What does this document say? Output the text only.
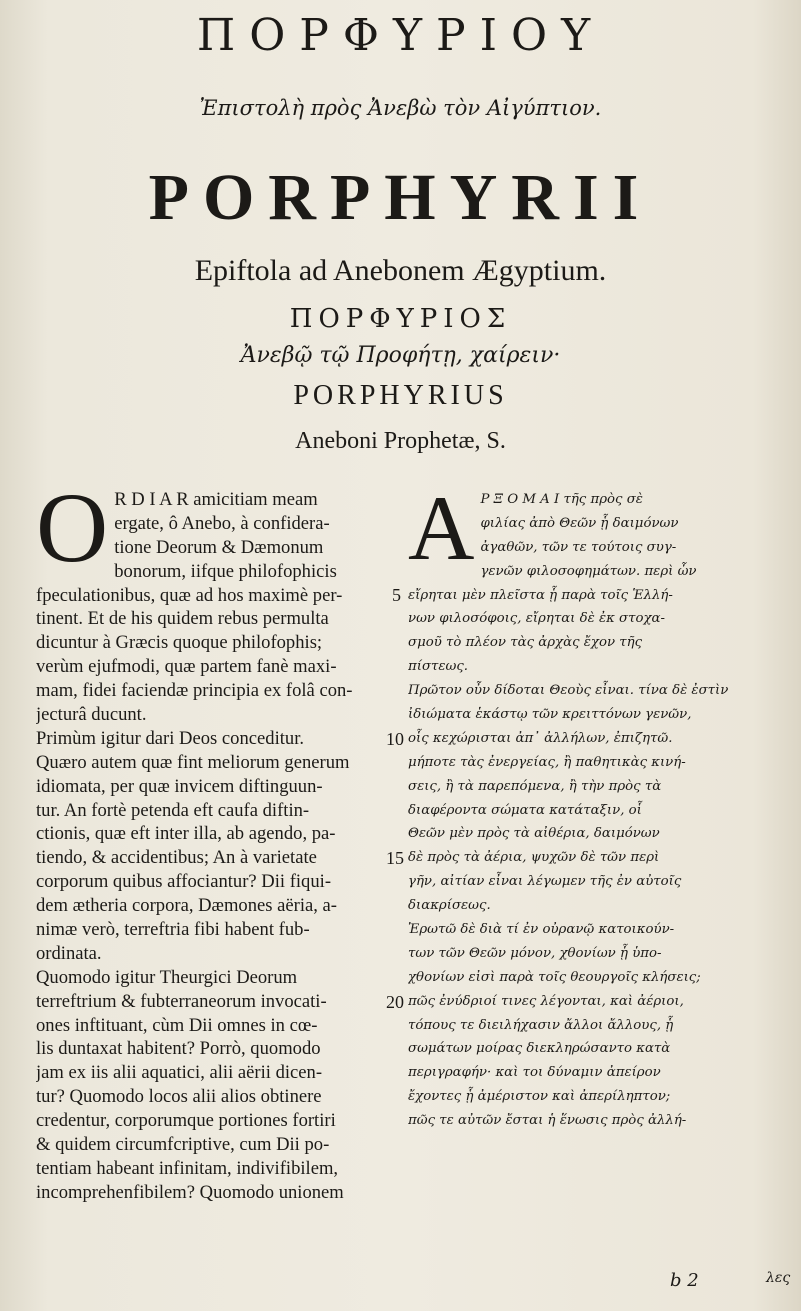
ΠΟΡΦΥΡΙΟΥ
Ἐπιστολὴ πρὸς Ἀνεβὼ τὸν Αἰγύπτιον.
PORPHYRII
Epiftola ad Anebonem Ægyptium.
ΠΟΡΦΥΡΙΟΣ
Ἀνεβῷ τῷ Προφήτῃ, χαίρειν·
PORPHYRIUS
Aneboni Prophetæ, S.
O R D I A R amicitiam meam
ergate, ô Anebo, à confidera-
tione Deorum & Dæmonum
bonorum, iifque philofophicis
fpeculationibus, quæ ad hos maximè per-
tinent. Et de his quidem rebus permulta
dicuntur à Græcis quoque philofophis;
verùm ejufmodi, quæ partem fanè maxi-
mam, fidei faciendæ principia ex folâ con-
jecturâ ducunt.
Primùm igitur dari Deos conceditur.
Quæro autem quæ fint meliorum generum
idiomata, per quæ invicem diftinguun-
tur. An fortè petenda eft caufa diftin-
ctionis, quæ eft inter illa, ab agendo, pa-
tiendo, & accidentibus; An à varietate
corporum quibus affociantur? Dii fiqui-
dem ætheria corpora, Dæmones aëria, a-
nimæ verò, terreftria fibi habent fub-
ordinata.
Quomodo igitur Theurgici Deorum
terreftrium & fubterraneorum invocati-
ones inftituant, cùm Dii omnes in cœ-
lis duntaxat habitent? Porrò, quomodo
jam ex iis alii aquatici, alii aërii dicen-
tur? Quomodo locos alii alios obtinere
credentur, corporumque portiones fortiri
& quidem circumfcriptive, cum Dii po-
tentiam habeant infinitam, indivifibilem,
incomprehenfibilem? Quomodo unionem
Α Ρ Ξ Ο Μ Α Ι τῆς πρὸς σὲ
φιλίας ἀπὸ Θεῶν ᾗ δαιμόνων
ἀγαθῶν, τῶν τε τούτοις συγ-
γενῶν φιλοσοφημάτων. περὶ ὧν
εἴρηται μὲν πλεῖστα ᾗ παρὰ τοῖς Ἑλλή-
νων φιλοσόφοις, εἴρηται δὲ ἐκ στοχα-
σμοῦ τὸ πλέον τὰς ἀρχὰς ἔχον τῆς
πίστεως.
Πρῶτον οὖν δίδοται Θεοὺς εἶναι. τίνα δὲ ἐστὶν
ἰδιώματα ἑκάστῳ τῶν κρειττόνων γενῶν,
οἷς κεχώρισται ἀπ᾽ ἀλλήλων, ἐπιζητῶ.
μήποτε τὰς ἐνεργείας, ἢ παθητικὰς κινή-
σεις, ἢ τὰ παρεπόμενα, ἢ τὴν πρὸς τὰ
διαφέροντα σώματα κατάταξιν, οἷ
Θεῶν μὲν πρὸς τὰ αἰθέρια, δαιμόνων
δὲ πρὸς τὰ ἀέρια, ψυχῶν δὲ τῶν περὶ
γῆν, αἰτίαν εἶναι λέγωμεν τῆς ἐν αὐτοῖς
διακρίσεως.
Ἐρωτῶ δὲ διὰ τί ἐν οὐρανῷ κατοικούν-
των τῶν Θεῶν μόνον, χθονίων ᾗ ὑπο-
χθονίων εἰσὶ παρὰ τοῖς θεουργοῖς κλήσεις;
πῶς ἐνύδριοί τινες λέγονται, καὶ ἀέριοι,
τόπους τε διειλήχασιν ἄλλοι ἄλλους, ᾗ
σωμάτων μοίρας διεκληρώσαντο κατὰ
περιγραφήν· καὶ τοι δύναμιν ἀπείρον
ἔχοντες ᾗ ἀμέριστον καὶ ἀπερίληπτον;
πῶς τε αὐτῶν ἔσται ἡ ἕνωσις πρὸς ἀλλή-
5
10
15
20
b 2	λες
